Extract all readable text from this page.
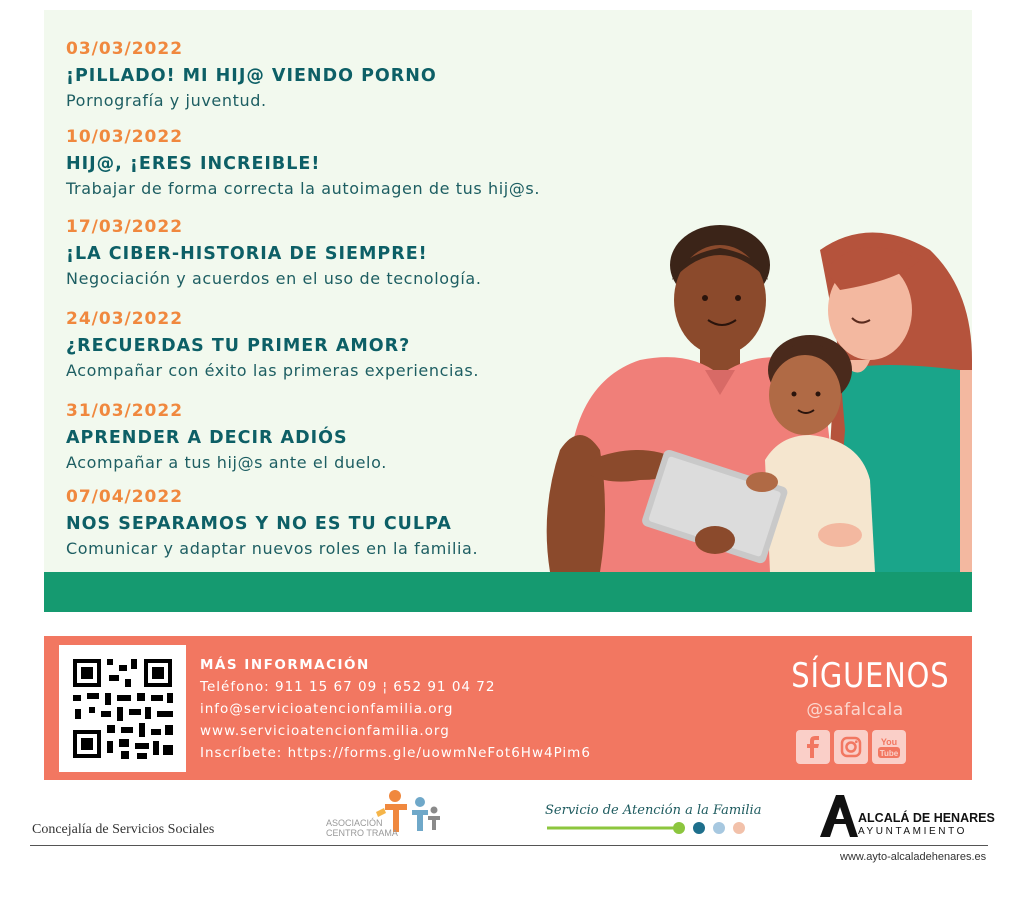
03/03/2022
¡PILLADO! MI HIJ@ VIENDO PORNO
Pornografía y juventud.
10/03/2022
HIJ@, ¡ERES INCREIBLE!
Trabajar de forma correcta la autoimagen de tus hij@s.
17/03/2022
¡LA CIBER-HISTORIA DE SIEMPRE!
Negociación y acuerdos en el uso de tecnología.
24/03/2022
¿RECUERDAS TU PRIMER AMOR?
Acompañar con éxito las primeras experiencias.
31/03/2022
APRENDER A DECIR ADIÓS
Acompañar a tus hij@s ante el duelo.
07/04/2022
NOS SEPARAMOS Y NO ES TU CULPA
Comunicar y adaptar nuevos roles en la familia.
MÁS INFORMACIÓN
Teléfono: 911 15 67 09 ¦ 652 91 04 72
info@servicioatencionfamilia.org
www.servicioatencionfamilia.org
Inscríbete: https://forms.gle/uowmNeFot6Hw4Pim6
SÍGUENOS
@safalcala
You
Tube
Concejalía de Servicios Sociales	ASOCIACIÓN
CENTRO TRAMA
Servicio de Atención a la Familia	ALCALÁ DE HENARES
AYUNTAMIENTO
www.ayto-alcaladehenares.es
